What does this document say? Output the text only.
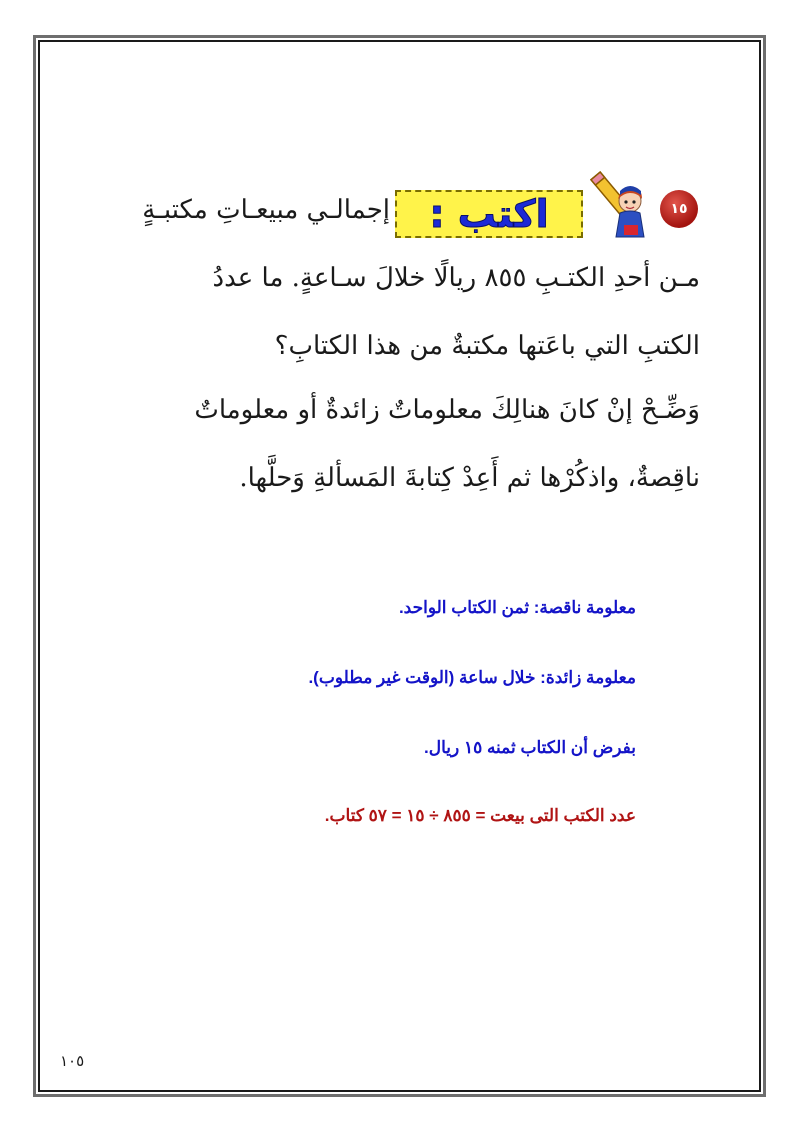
١٥
اكتب :
إجمالـي مبيعـاتِ مكتبـةٍ
مـن أحدِ الكتـبِ ٨٥٥ ريالًا خلالَ سـاعةٍ. ما عددُ
الكتبِ التي باعَتها مكتبةٌ من هذا الكتابِ؟
وَضِّـحْ إنْ كانَ هنالِكَ معلوماتٌ زائدةٌ أو معلوماتٌ
ناقِصةٌ، واذكُرْها ثم أَعِدْ كِتابةَ المَسألةِ وَحلَّها.
معلومة ناقصة: ثمن الكتاب الواحد.
معلومة زائدة: خلال ساعة (الوقت غير مطلوب).
بفرض أن الكتاب ثمنه ١٥ ريال.
عدد الكتب التى بيعت = ٨٥٥ ÷ ١٥ = ٥٧ كتاب.
١٠٥
